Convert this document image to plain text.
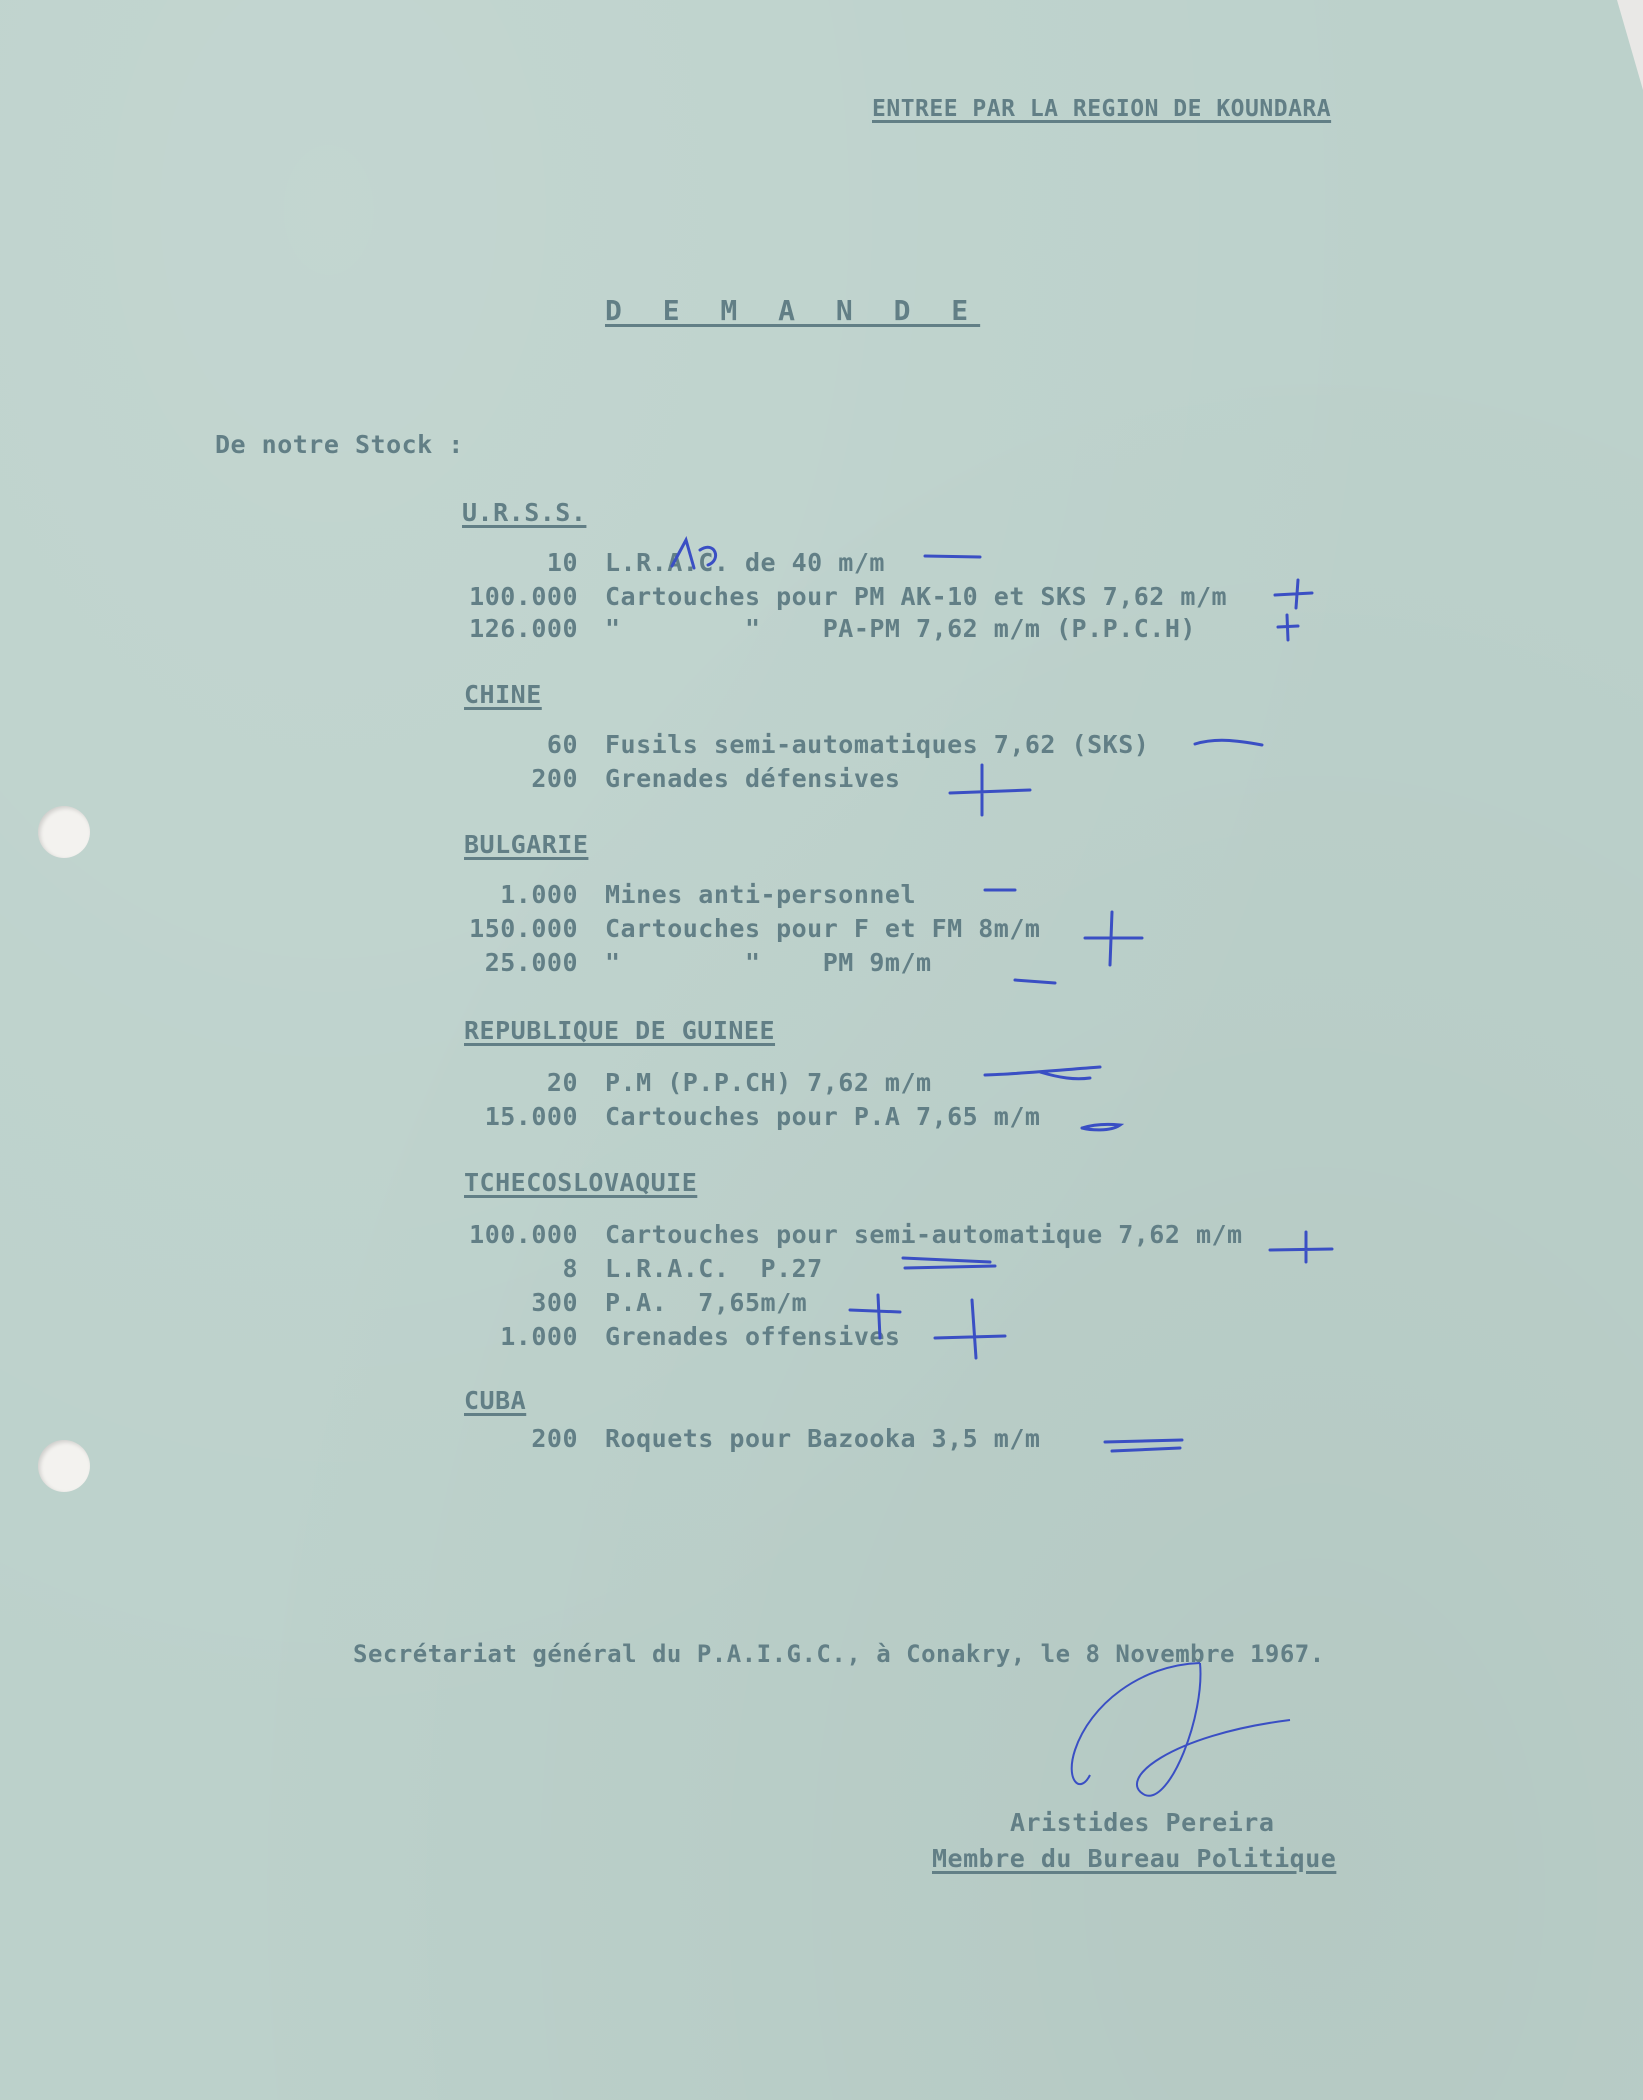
ENTREE PAR LA REGION DE KOUNDARA
D E M A N D E
De notre Stock :
U.R.S.S.
10 L.R.A.C. de 40 m/m
100.000 Cartouches pour PM AK-10 et SKS 7,62 m/m
126.000 "        "    PA-PM 7,62 m/m (P.P.C.H)
CHINE
60 Fusils semi-automatiques 7,62 (SKS)
200 Grenades défensives
BULGARIE
1.000 Mines anti-personnel
150.000 Cartouches pour F et FM 8m/m
25.000 "        "    PM 9m/m
REPUBLIQUE DE GUINEE
20 P.M (P.P.CH) 7,62 m/m
15.000 Cartouches pour P.A 7,65 m/m
TCHECOSLOVAQUIE
100.000 Cartouches pour semi-automatique 7,62 m/m
8 L.R.A.C.  P.27
300 P.A.  7,65m/m
1.000 Grenades offensives
CUBA
200 Roquets pour Bazooka 3,5 m/m
Secrétariat général du P.A.I.G.C., à Conakry, le 8 Novembre 1967.
Aristides Pereira
Membre du Bureau Politique
